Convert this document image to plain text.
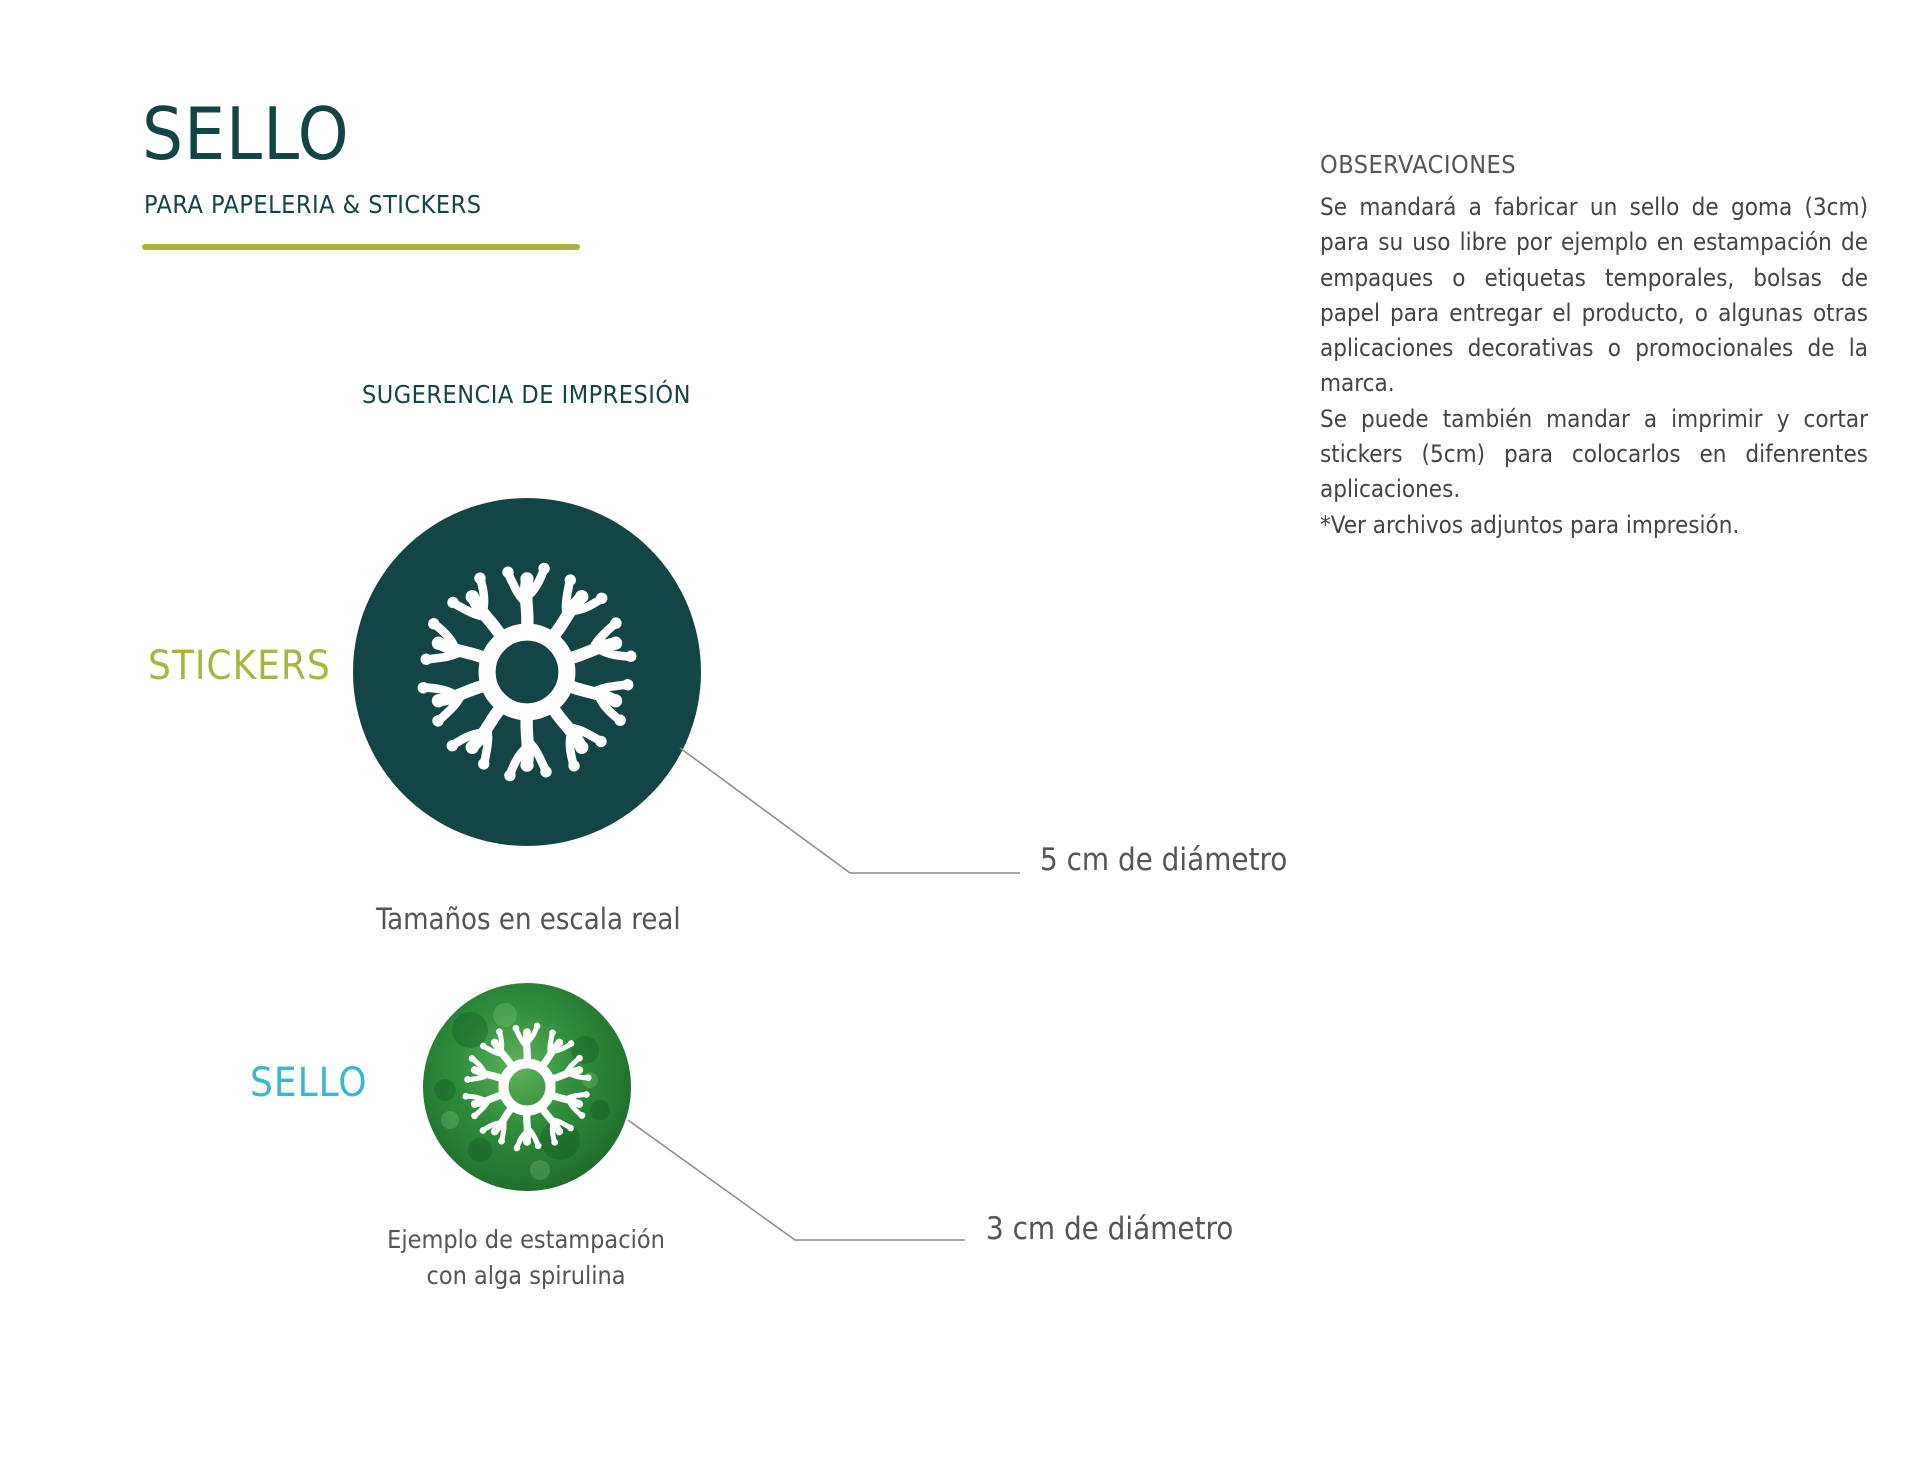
SELLO
PARA PAPELERIA & STICKERS
SUGERENCIA DE IMPRESIÓN
STICKERS
SELLO
Tamaños en escala real
Ejemplo de estampación
con alga spirulina
5 cm de diámetro
3 cm de diámetro
OBSERVACIONES

Se mandará a fabricar un sello de goma (3cm) para su uso libre por ejemplo en estampación de empaques o etiquetas temporales, bolsas de papel para entregar el producto, o algunas otras aplicaciones decorativas o promocionales de la marca.

Se puede también mandar a imprimir y cortar stickers (5cm) para colocarlos en difenrentes aplicaciones.

*Ver archivos adjuntos para impresión.
